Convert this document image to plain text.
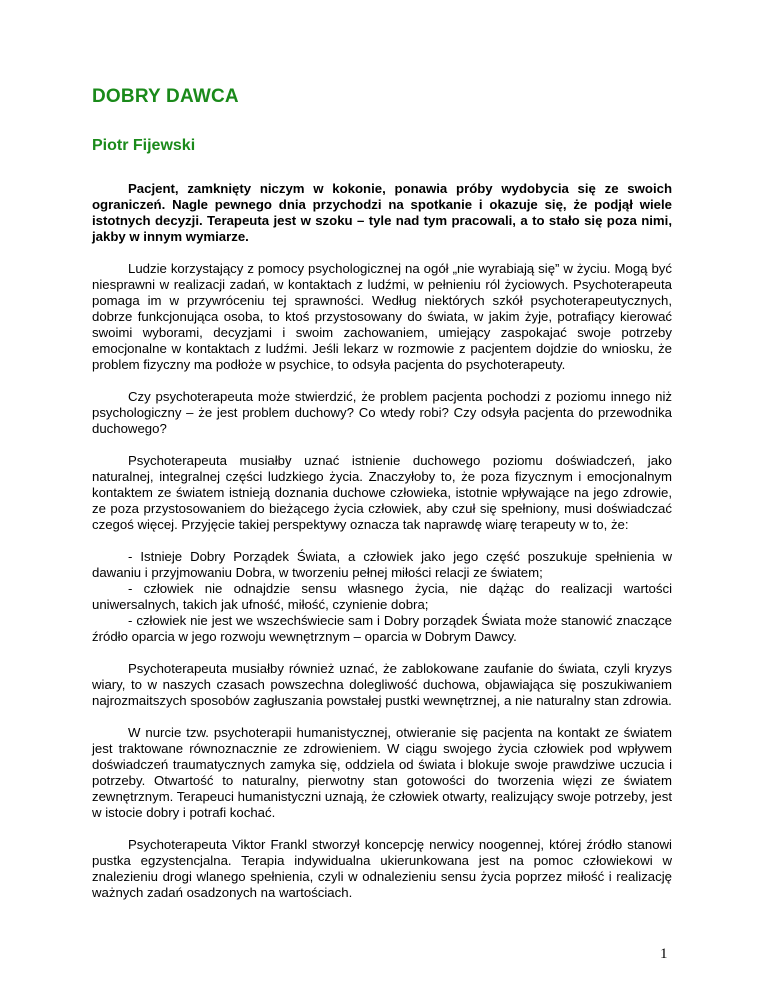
DOBRY DAWCA
Piotr Fijewski

Pacjent, zamknięty niczym w kokonie, ponawia próby wydobycia się ze swoich ograniczeń. Nagle pewnego dnia przychodzi na spotkanie i okazuje się, że podjął wiele istotnych decyzji. Terapeuta jest w szoku – tyle nad tym pracowali, a to stało się poza nimi, jakby w innym wymiarze.

Ludzie korzystający z pomocy psychologicznej na ogół „nie wyrabiają się” w życiu. Mogą być niesprawni w realizacji zadań, w kontaktach z ludźmi, w pełnieniu ról życiowych. Psychoterapeuta pomaga im w przywróceniu tej sprawności. Według niektórych szkół psychoterapeutycznych, dobrze funkcjonująca osoba, to ktoś przystosowany do świata, w jakim żyje, potrafiący kierować swoimi wyborami, decyzjami i swoim zachowaniem, umiejący zaspokajać swoje potrzeby emocjonalne w kontaktach z ludźmi. Jeśli lekarz w rozmowie z pacjentem dojdzie do wniosku, że problem fizyczny ma podłoże w psychice, to odsyła pacjenta do psychoterapeuty.

Czy psychoterapeuta może stwierdzić, że problem pacjenta pochodzi z poziomu innego niż psychologiczny – że jest problem duchowy? Co wtedy robi? Czy odsyła pacjenta do przewodnika duchowego?

Psychoterapeuta musiałby uznać istnienie duchowego poziomu doświadczeń, jako naturalnej, integralnej części ludzkiego życia. Znaczyłoby to, że poza fizycznym i emocjonalnym kontaktem ze światem istnieją doznania duchowe człowieka, istotnie wpływające na jego zdrowie, ze poza przystosowaniem do bieżącego życia człowiek, aby czuł się spełniony, musi doświadczać czegoś więcej. Przyjęcie takiej perspektywy oznacza tak naprawdę wiarę terapeuty w to, że:

- Istnieje Dobry Porządek Świata, a człowiek jako jego część poszukuje spełnienia w dawaniu i przyjmowaniu Dobra, w tworzeniu pełnej miłości relacji ze światem;

- człowiek nie odnajdzie sensu własnego życia, nie dążąc do realizacji wartości uniwersalnych, takich jak ufność, miłość, czynienie dobra;

- człowiek nie jest we wszechświecie sam i Dobry porządek Świata może stanowić znaczące źródło oparcia w jego rozwoju wewnętrznym – oparcia w Dobrym Dawcy.

Psychoterapeuta musiałby również uznać, że zablokowane zaufanie do świata, czyli kryzys wiary, to w naszych czasach powszechna dolegliwość duchowa, objawiająca się poszukiwaniem najrozmaitszych sposobów zagłuszania powstałej pustki wewnętrznej, a nie naturalny stan zdrowia.

W nurcie tzw. psychoterapii humanistycznej, otwieranie się pacjenta na kontakt ze światem jest traktowane równoznacznie ze zdrowieniem. W ciągu swojego życia człowiek pod wpływem doświadczeń traumatycznych zamyka się, oddziela od świata i blokuje swoje prawdziwe uczucia i potrzeby. Otwartość to naturalny, pierwotny stan gotowości do tworzenia więzi ze światem zewnętrznym. Terapeuci humanistyczni uznają, że człowiek otwarty, realizujący swoje potrzeby, jest w istocie dobry i potrafi kochać.

Psychoterapeuta Viktor Frankl stworzył koncepcję nerwicy noogennej, której źródło stanowi pustka egzystencjalna. Terapia indywidualna ukierunkowana jest na pomoc człowiekowi w znalezieniu drogi wlanego spełnienia, czyli w odnalezieniu sensu życia poprzez miłość i realizację ważnych zadań osadzonych na wartościach.

1
